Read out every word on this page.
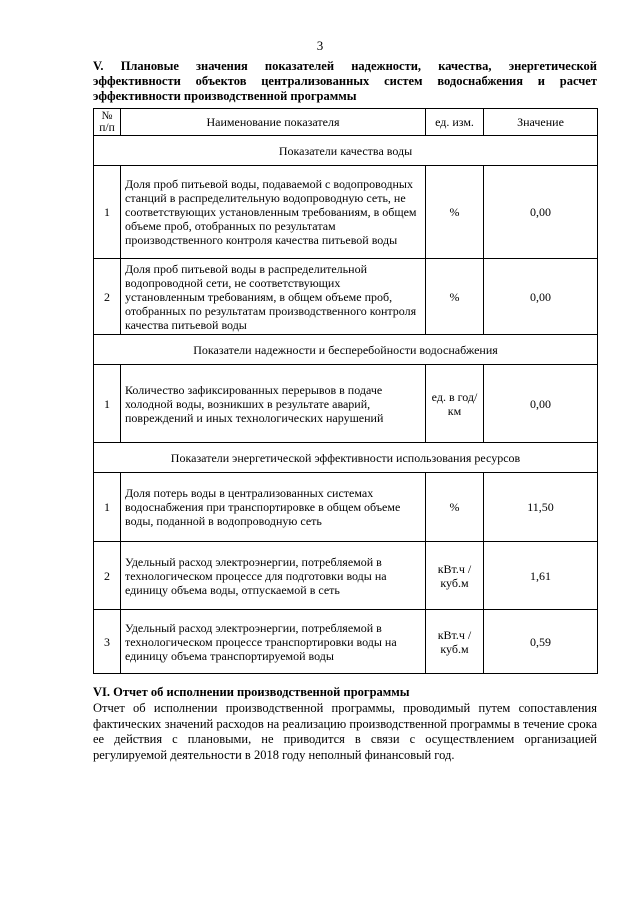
3
V. Плановые значения показателей надежности, качества, энергетической эффективности объектов централизованных систем водоснабжения и расчет эффективности производственной программы
№ п/п	Наименование показателя	ед. изм.	Значение
Показатели качества воды			
1	Доля проб питьевой воды, подаваемой с водопроводных станций в распределительную водопроводную сеть, не соответствующих установленным требованиям, в общем объеме проб, отобранных по результатам производственного контроля качества питьевой воды	%	0,00
2	Доля проб питьевой воды в распределительной водопроводной сети, не соответствующих установленным требованиям, в общем объеме проб, отобранных по результатам производственного контроля качества питьевой воды	%	0,00
Показатели надежности и бесперебойности водоснабжения			
1	Количество зафиксированных перерывов в подаче холодной воды, возникших в результате аварий, повреждений и иных технологических нарушений	ед. в год/ км	0,00
Показатели энергетической эффективности использования ресурсов			
1	Доля потерь воды в централизованных системах водоснабжения при транспортировке в общем объеме воды, поданной в водопроводную сеть	%	11,50
2	Удельный расход электроэнергии, потребляемой в технологическом процессе для подготовки воды на единицу объема воды, отпускаемой в сеть	кВт.ч / куб.м	1,61
3	Удельный расход электроэнергии, потребляемой в технологическом процессе транспортировки воды на единицу объема транспортируемой воды	кВт.ч / куб.м	0,59
VI. Отчет об исполнении производственной программы
Отчет об исполнении производственной программы, проводимый путем сопоставления фактических значений расходов на реализацию производственной программы в течение срока ее действия с плановыми, не приводится в связи с осуществлением организацией регулируемой деятельности в 2018 году неполный финансовый год.
